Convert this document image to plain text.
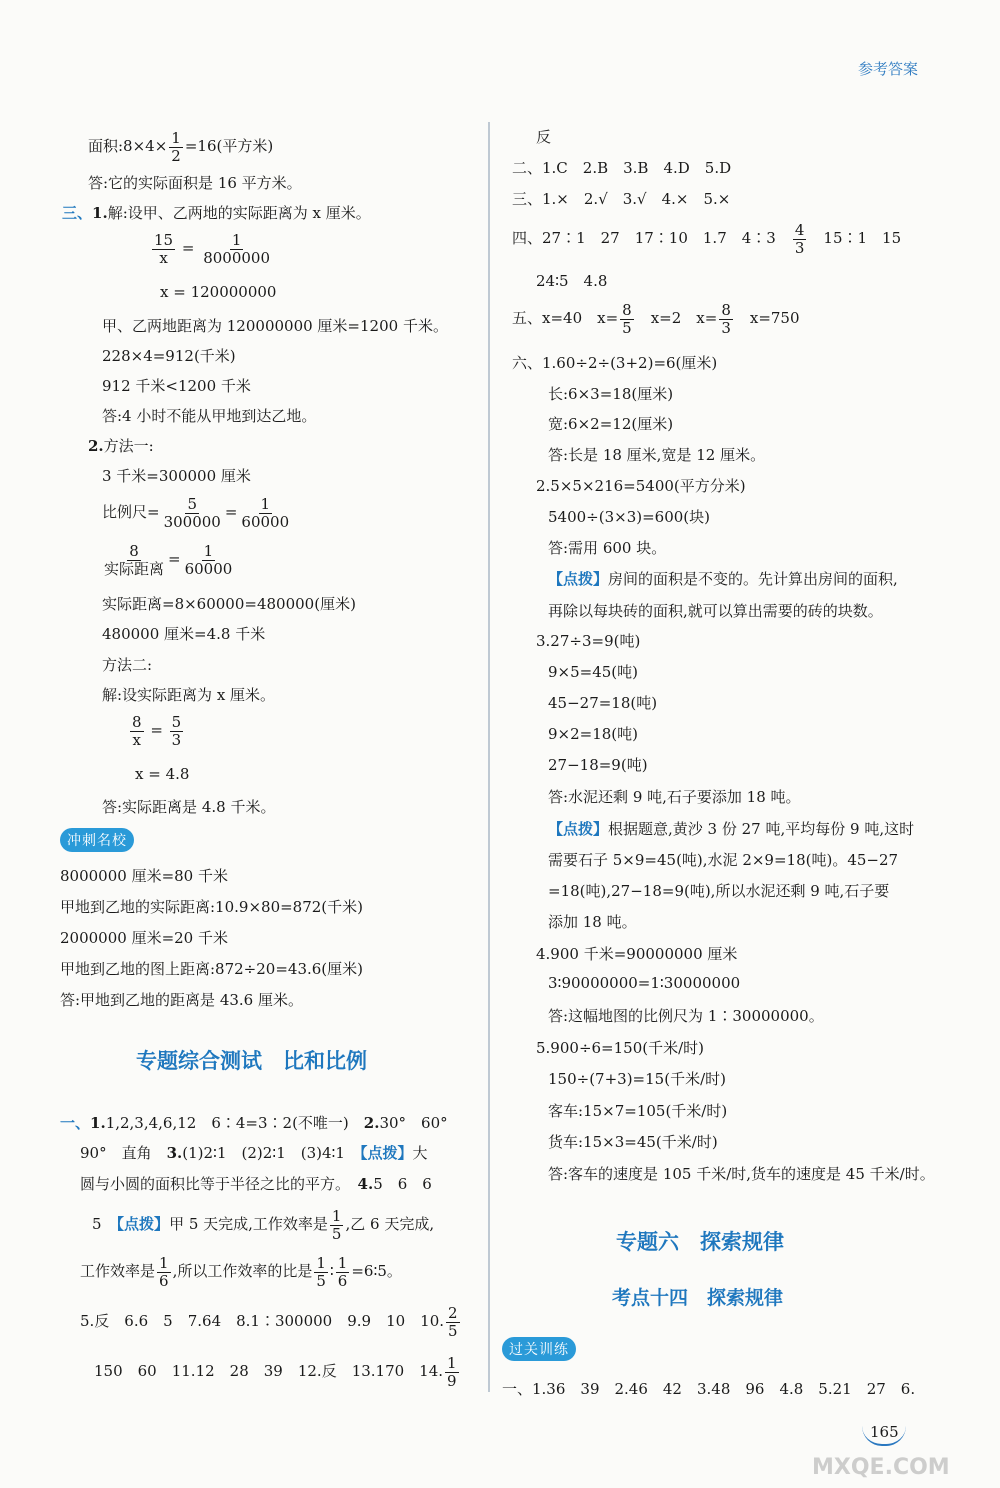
参考答案
面积:8×4× $\frac{1}{2} =16$(平方米)
答:它的实际面积是 16 平方米。
三、1.解:设甲、乙两地的实际距离为 x 厘米。
$\frac{15}{x} = \frac{1}{8000000}$
x = 120000000
甲、乙两地距离为 120000000 厘米=1200 千米。
228×4=912(千米)
912 千米<1200 千米
答:4 小时不能从甲地到达乙地。
2.方法一:
3 千米=300000 厘米
比例尺= $\frac{5}{300000} = \frac{1}{60000}$
$\frac{8}{\text{实际距离}} = \frac{1}{60000}$
实际距离=8×60000=480000(厘米)
480000 厘米=4.8 千米
方法二:
解:设实际距离为 x 厘米。
$\frac{8}{x} = \frac{5}{3}$
x = 4.8
答:实际距离是 4.8 千米。
冲刺名校
8000000 厘米=80 千米
甲地到乙地的实际距离:10.9×80=872(千米)
2000000 厘米=20 千米
甲地到乙地的图上距离:872÷20=43.6(厘米)
答:甲地到乙地的距离是 43.6 厘米。
专题综合测试　比和比例
一、1.1,2,3,4,6,12　6∶4=3∶2(不唯一)　2.30°　60°
90°　直角　3.(1)2∶1　(2)2∶1　(3)4∶1　【点拨】大
圆与小圆的面积比等于半径之比的平方。　4.5　6　6
5　【点拨】甲 5 天完成,工作效率是 $\frac{1}{5}$ ,乙 6 天完成,
工作效率是 $\frac{1}{6}$ ,所以工作效率的比是 $\frac{1}{5}$ ∶ $\frac{1}{6}$ =6∶5。
5.反　6.6　5　7.64　8.1∶300000　9.9　10　10. $\frac{2}{5}$
150　60　11.12　28　39　12.反　13.170　14. $\frac{1}{9}$
反
二、1.C　2.B　3.B　4.D　5.D
三、1.×　2.√　3.√　4.×　5.×
四、27∶1　27　17∶10　1.7　4∶3　 $\frac{4}{3}$
　 15∶1　15
24∶5　4.8
五、x=40　$x= \frac{8}{5}$ 　x=2　$x= \frac{8}{3}$ 　x=750
六、1.60÷2÷(3+2)=6(厘米)
长:6×3=18(厘米)
宽:6×2=12(厘米)
答:长是 18 厘米,宽是 12 厘米。
2.5×5×216=5400(平方分米)
5400÷(3×3)=600(块)
答:需用 600 块。
【点拨】房间的面积是不变的。先计算出房间的面积,
再除以每块砖的面积,就可以算出需要的砖的块数。
3.27÷3=9(吨)
9×5=45(吨)
45−27=18(吨)
9×2=18(吨)
27−18=9(吨)
答:水泥还剩 9 吨,石子要添加 18 吨。
【点拨】根据题意,黄沙 3 份 27 吨,平均每份 9 吨,这时
需要石子 5×9=45(吨),水泥 2×9=18(吨)。45−27
=18(吨),27−18=9(吨),所以水泥还剩 9 吨,石子要
添加 18 吨。
4.900 千米=90000000 厘米
3∶90000000=1∶30000000
答:这幅地图的比例尺为 1∶30000000。
5.900÷6=150(千米/时)
150÷(7+3)=15(千米/时)
客车:15×7=105(千米/时)
货车:15×3=45(千米/时)
答:客车的速度是 105 千米/时,货车的速度是 45 千米/时。
专题六　探索规律
考点十四　探索规律
过关训练
一、1.36　39　2.46　42　3.48　96　4.8　5.21　27　6.
165
MXQE.COM
